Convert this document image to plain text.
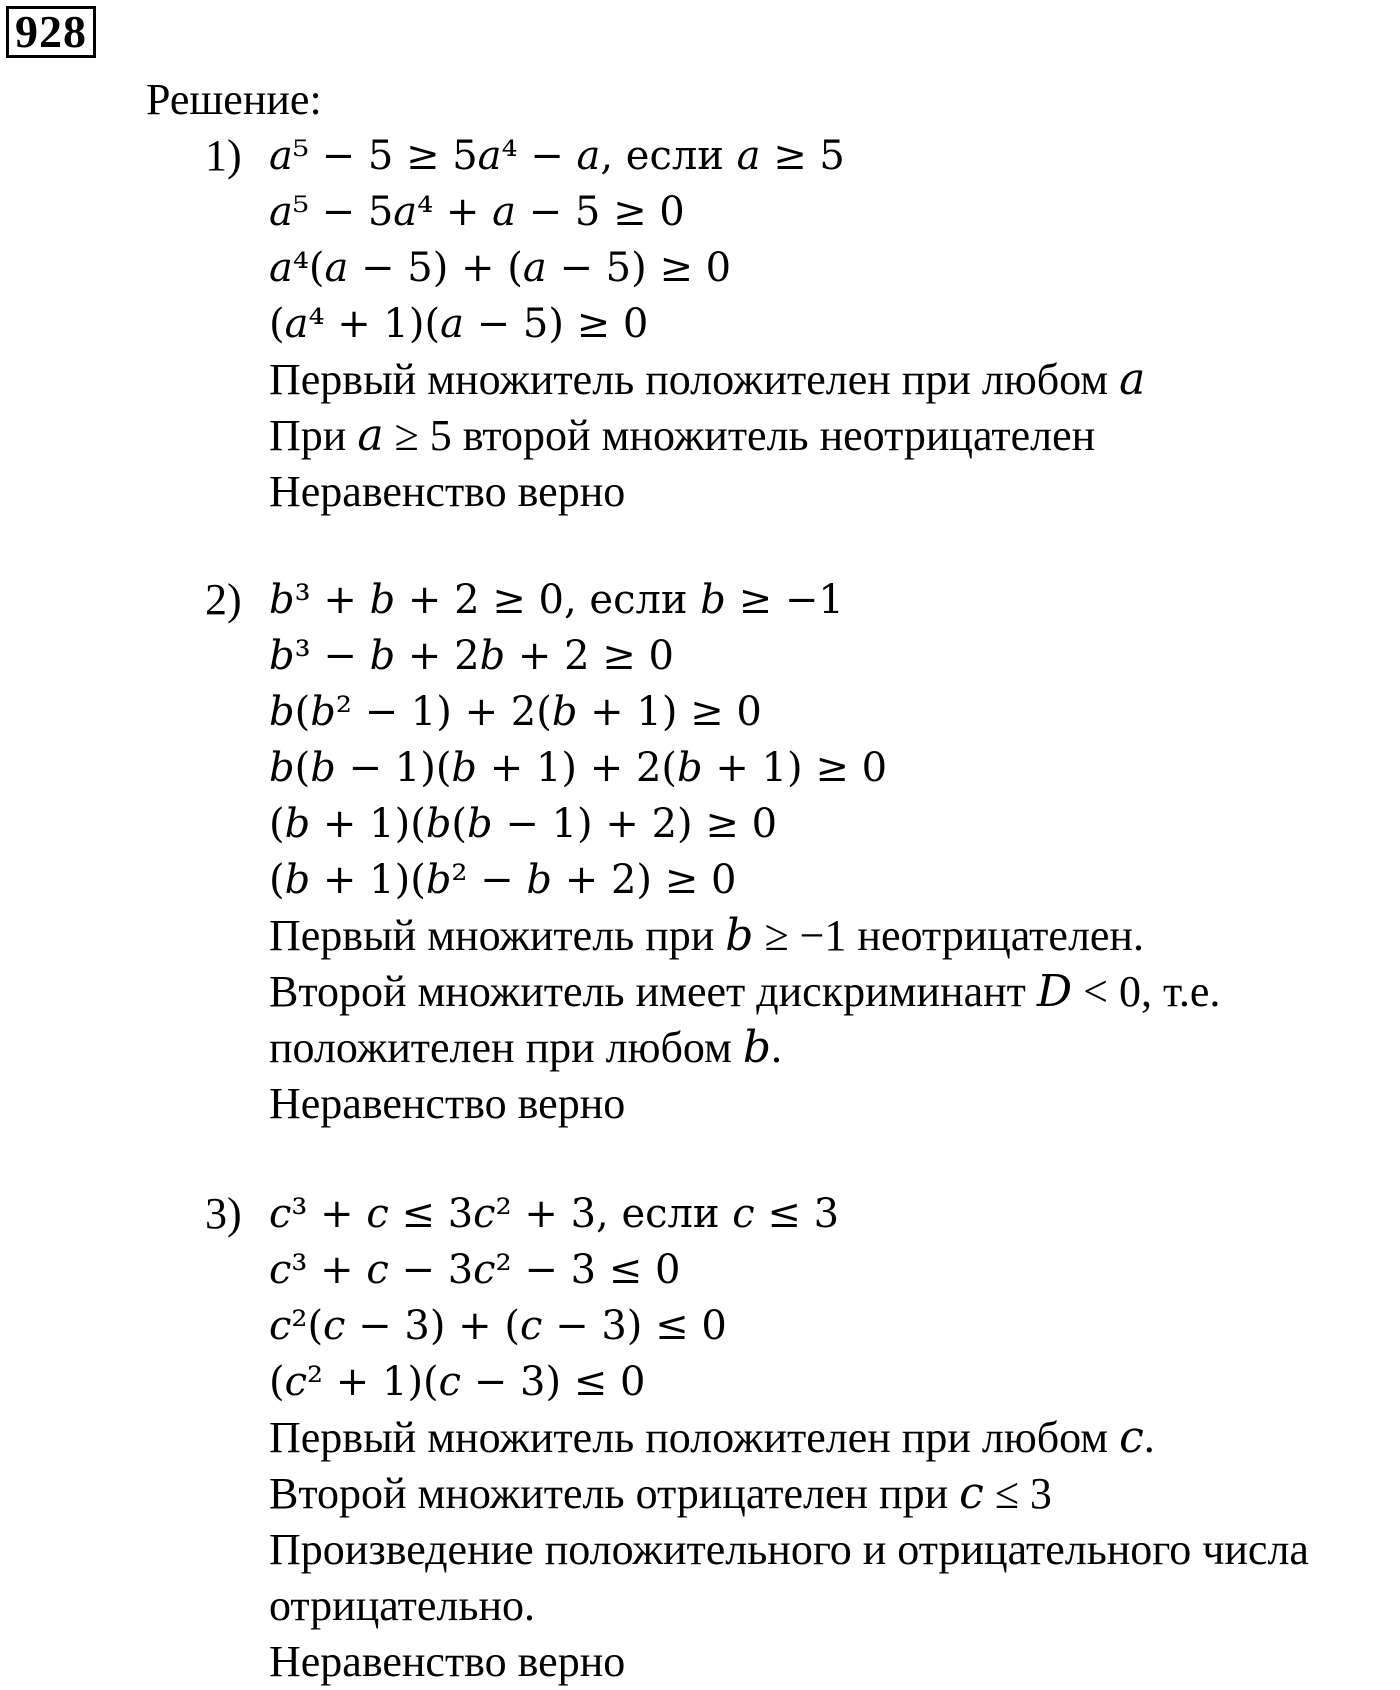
928
Решение:
1) 𝑎⁵ − 5 ≥ 5𝑎⁴ − 𝑎, если 𝑎 ≥ 5
𝑎⁵ − 5𝑎⁴ + 𝑎 − 5 ≥ 0
𝑎⁴(𝑎 − 5) + (𝑎 − 5) ≥ 0
(𝑎⁴ + 1)(𝑎 − 5) ≥ 0
Первый множитель положителен при любом 𝑎
При 𝑎 ≥ 5 второй множитель неотрицателен
Неравенство верно
2) 𝑏³ + 𝑏 + 2 ≥ 0, если 𝑏 ≥ −1
𝑏³ − 𝑏 + 2𝑏 + 2 ≥ 0
𝑏(𝑏² − 1) + 2(𝑏 + 1) ≥ 0
𝑏(𝑏 − 1)(𝑏 + 1) + 2(𝑏 + 1) ≥ 0
(𝑏 + 1)(𝑏(𝑏 − 1) + 2) ≥ 0
(𝑏 + 1)(𝑏² − 𝑏 + 2) ≥ 0
Первый множитель при 𝑏 ≥ −1 неотрицателен.
Второй множитель имеет дискриминант 𝐷 < 0, т.е.
положителен при любом 𝑏.
Неравенство верно
3) 𝑐³ + 𝑐 ≤ 3𝑐² + 3, если 𝑐 ≤ 3
𝑐³ + 𝑐 − 3𝑐² − 3 ≤ 0
𝑐²(𝑐 − 3) + (𝑐 − 3) ≤ 0
(𝑐² + 1)(𝑐 − 3) ≤ 0
Первый множитель положителен при любом 𝑐.
Второй множитель отрицателен при 𝑐 ≤ 3
Произведение положительного и отрицательного числа
отрицательно.
Неравенство верно
